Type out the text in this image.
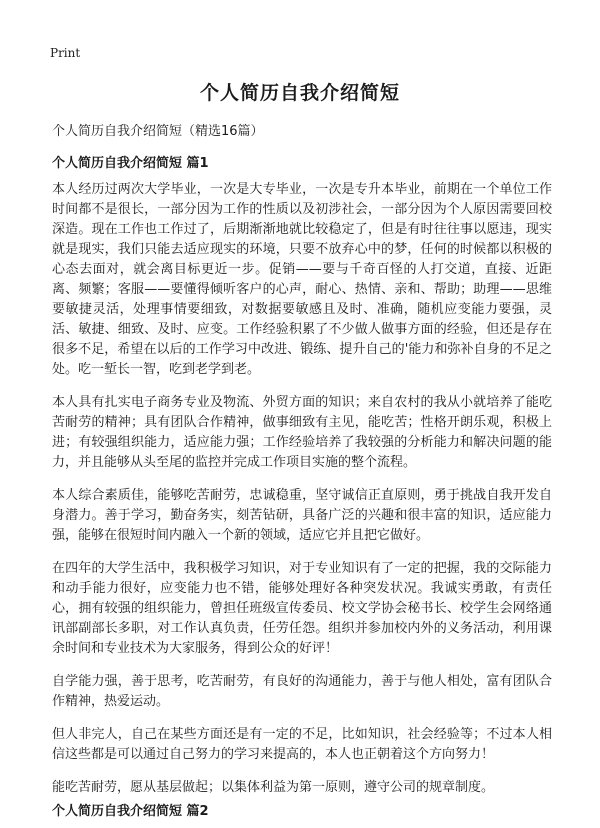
Print
个人简历自我介绍简短

个人简历自我介绍简短（精选16篇）

个人简历自我介绍简短 篇1

本人经历过两次大学毕业，一次是大专毕业，一次是专升本毕业，前期在一个单位工作时间都不是很长，一部分因为工作的性质以及初涉社会，一部分因为个人原因需要回校深造。现在工作也工作过了，后期渐渐地就比较稳定了，但是有时往往事以愿违，现实就是现实，我们只能去适应现实的环境，只要不放弃心中的梦，任何的时候都以积极的心态去面对，就会离目标更近一步。促销——要与千奇百怪的人打交道，直接、近距离、频繁；客服——要懂得倾听客户的心声，耐心、热情、亲和、帮助；助理——思维要敏捷灵活，处理事情要细致，对数据要敏感且及时、准确，随机应变能力要强，灵活、敏捷、细致、及时、应变。工作经验积累了不少做人做事方面的经验，但还是存在很多不足，希望在以后的工作学习中改进、锻练、提升自己的'能力和弥补自身的不足之处。吃一堑长一智，吃到老学到老。

本人具有扎实电子商务专业及物流、外贸方面的知识；来自农村的我从小就培养了能吃苦耐劳的精神；具有团队合作精神，做事细致有主见，能吃苦；性格开朗乐观，积极上进；有较强组织能力，适应能力强；工作经验培养了我较强的分析能力和解决问题的能力，并且能够从头至尾的监控并完成工作项目实施的整个流程。

本人综合素质佳，能够吃苦耐劳，忠诚稳重，坚守诚信正直原则，勇于挑战自我开发自身潜力。善于学习，勤奋务实，刻苦钻研，具备广泛的兴趣和很丰富的知识，适应能力强，能够在很短时间内融入一个新的领域，适应它并且把它做好。

在四年的大学生活中，我积极学习知识，对于专业知识有了一定的把握，我的交际能力和动手能力很好，应变能力也不错，能够处理好各种突发状况。我诚实勇敢，有责任心，拥有较强的组织能力，曾担任班级宣传委员、校文学协会秘书长、校学生会网络通讯部副部长多职，对工作认真负责，任劳任怨。组织并参加校内外的义务活动，利用课余时间和专业技术为大家服务，得到公众的好评！

自学能力强，善于思考，吃苦耐劳，有良好的沟通能力，善于与他人相处，富有团队合作精神，热爱运动。

但人非完人，自己在某些方面还是有一定的不足，比如知识，社会经验等；不过本人相信这些都是可以通过自己努力的学习来提高的，本人也正朝着这个方向努力！

能吃苦耐劳，愿从基层做起；以集体利益为第一原则，遵守公司的规章制度。

个人简历自我介绍简短 篇2
